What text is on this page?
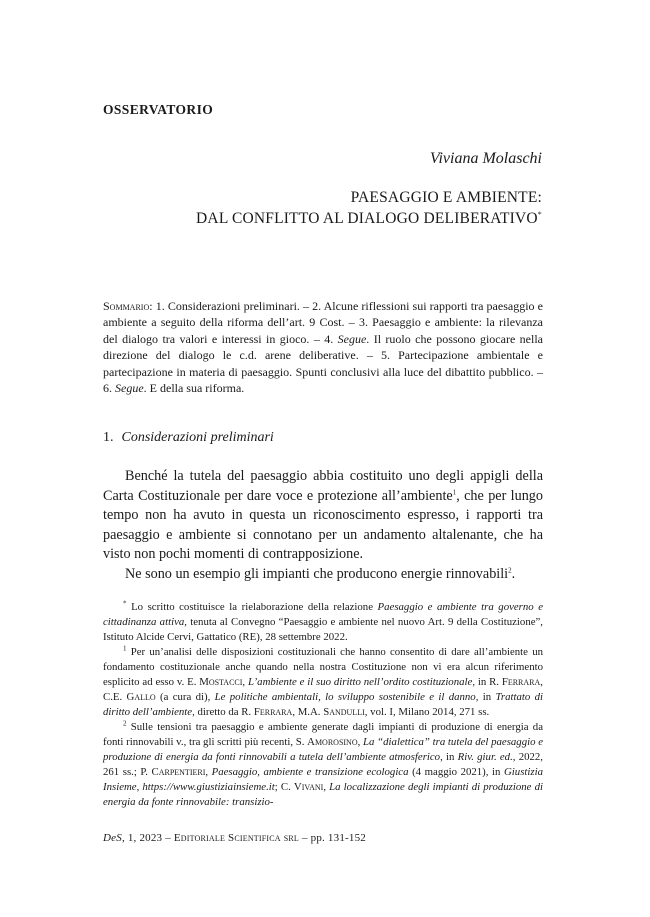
OSSERVATORIO
Viviana Molaschi
PAESAGGIO E AMBIENTE:
DAL CONFLITTO AL DIALOGO DELIBERATIVO*

Sommario: 1. Considerazioni preliminari. – 2. Alcune riflessioni sui rapporti tra paesaggio e ambiente a seguito della riforma dell’art. 9 Cost. – 3. Paesaggio e ambiente: la rilevanza del dialogo tra valori e interessi in gioco. – 4. Segue. Il ruolo che possono giocare nella direzione del dialogo le c.d. arene deliberative. – 5. Partecipazione ambientale e partecipazione in materia di paesaggio. Spunti conclusivi alla luce del dibattito pubblico. – 6. Segue. E della sua riforma.

1. Considerazioni preliminari

Benché la tutela del paesaggio abbia costituito uno degli appigli della Carta Costituzionale per dare voce e protezione all’ambiente$^1$, che per lungo tempo non ha avuto in questa un riconoscimento espresso, i rapporti tra paesaggio e ambiente si connotano per un andamento altalenante, che ha visto non pochi momenti di contrapposizione.

Ne sono un esempio gli impianti che producono energie rinnovabili$^2$.

* Lo scritto costituisce la rielaborazione della relazione Paesaggio e ambiente tra governo e cittadinanza attiva, tenuta al Convegno “Paesaggio e ambiente nel nuovo Art. 9 della Costituzione”, Istituto Alcide Cervi, Gattatico (RE), 28 settembre 2022.

$^1$ Per un’analisi delle disposizioni costituzionali che hanno consentito di dare all’ambiente un fondamento costituzionale anche quando nella nostra Costituzione non vi era alcun riferimento esplicito ad esso v. E. Mostacci, L’ambiente e il suo diritto nell’ordito costituzionale, in R. Ferrara, C.E. Gallo (a cura di), Le politiche ambientali, lo sviluppo sostenibile e il danno, in Trattato di diritto dell’ambiente, diretto da R. Ferrara, M.A. Sandulli, vol. I, Milano 2014, 271 ss.

$^2$ Sulle tensioni tra paesaggio e ambiente generate dagli impianti di produzione di energia da fonti rinnovabili v., tra gli scritti più recenti, S. Amorosino, La “dialettica” tra tutela del paesaggio e produzione di energia da fonti rinnovabili a tutela dell’ambiente atmosferico, in Riv. giur. ed., 2022, 261 ss.; P. Carpentieri, Paesaggio, ambiente e transizione ecologica (4 maggio 2021), in Giustizia Insieme, https://www.giustiziainsieme.it; C. Vivani, La localizzazione degli impianti di produzione di energia da fonte rinnovabile: transizio-

DeS, 1, 2023 – Editoriale Scientifica srl – pp. 131-152
